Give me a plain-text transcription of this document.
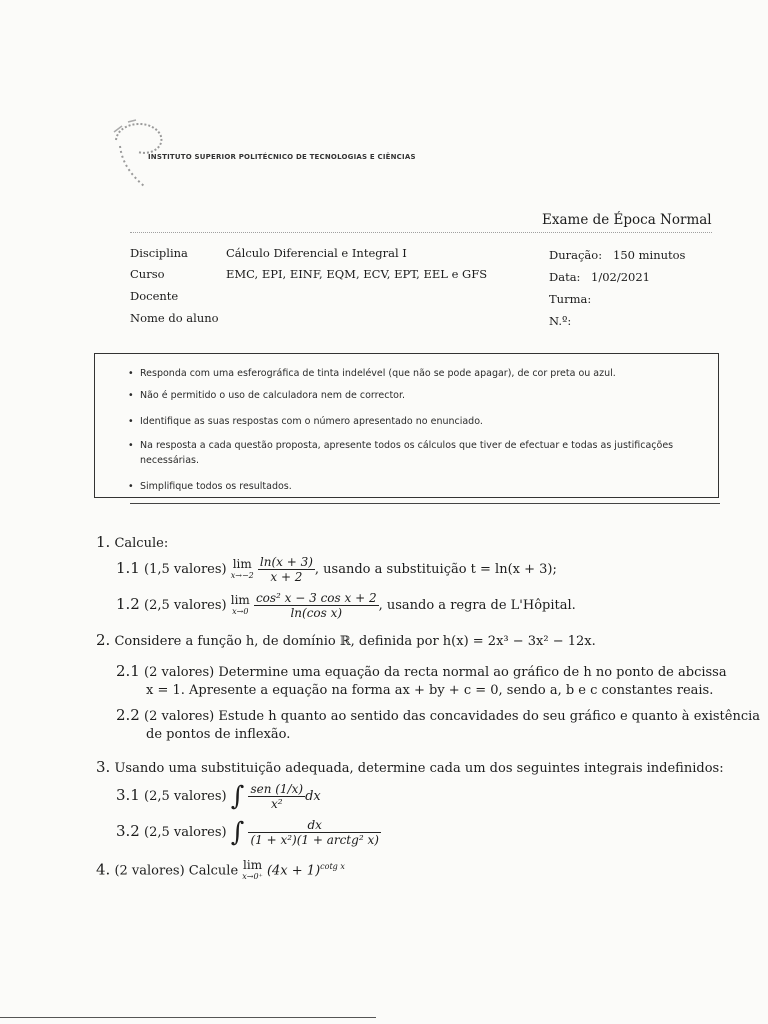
INSTITUTO SUPERIOR POLITÉCNICO DE TECNOLOGIAS E CIÊNCIAS
Exame de Época Normal
Disciplina	Cálculo Diferencial e Integral I
Curso	EMC, EPI, EINF, EQM, ECV, EPT, EEL e GFS
Docente
Nome do aluno
Duração: 150 minutos
Data: 1/02/2021
Turma:
N.º:
• Responda com uma esferográfica de tinta indelével (que não se pode apagar), de cor preta ou azul.
• Não é permitido o uso de calculadora nem de corrector.
• Identifique as suas respostas com o número apresentado no enunciado.
• Na resposta a cada questão proposta, apresente todos os cálculos que tiver de efectuar e todas as justificações
necessárias.
• Simplifique todos os resultados.
1. Calcule:
1.1 (1,5 valores) lim
x→−2
$\frac{\ln(x + 3)}{x + 2}$ , usando a substituição t = ln(x + 3);
1.2 (2,5 valores) lim
x→0
$\frac{\text{cos² x − 3 cos x + 2}}{\text{ln(cos x)}}$ , usando a regra de L'Hôpital.
2. Considere a função h, de domínio ℝ, definida por h(x) = 2x³ − 3x² − 12x.
2.1 (2 valores) Determine uma equação da recta normal ao gráfico de h no ponto de abcissa
x = 1. Apresente a equação na forma ax + by + c = 0, sendo a, b e c constantes reais.
2.2 (2 valores) Estude h quanto ao sentido das concavidades do seu gráfico e quanto à existência
de pontos de inflexão.
3. Usando uma substituição adequada, determine cada um dos seguintes integrais indefinidos:
3.1 (2,5 valores) ∫ $\frac{\text{sen (1/x)}}{\text{x²}}$ dx
3.2 (2,5 valores) ∫ $\frac{dx}{\text{(1 + x²)(1 + arctg² x)}}$
4. (2 valores) Calcule lim
x→0⁺ $(4x + 1)^{cotg x}$
